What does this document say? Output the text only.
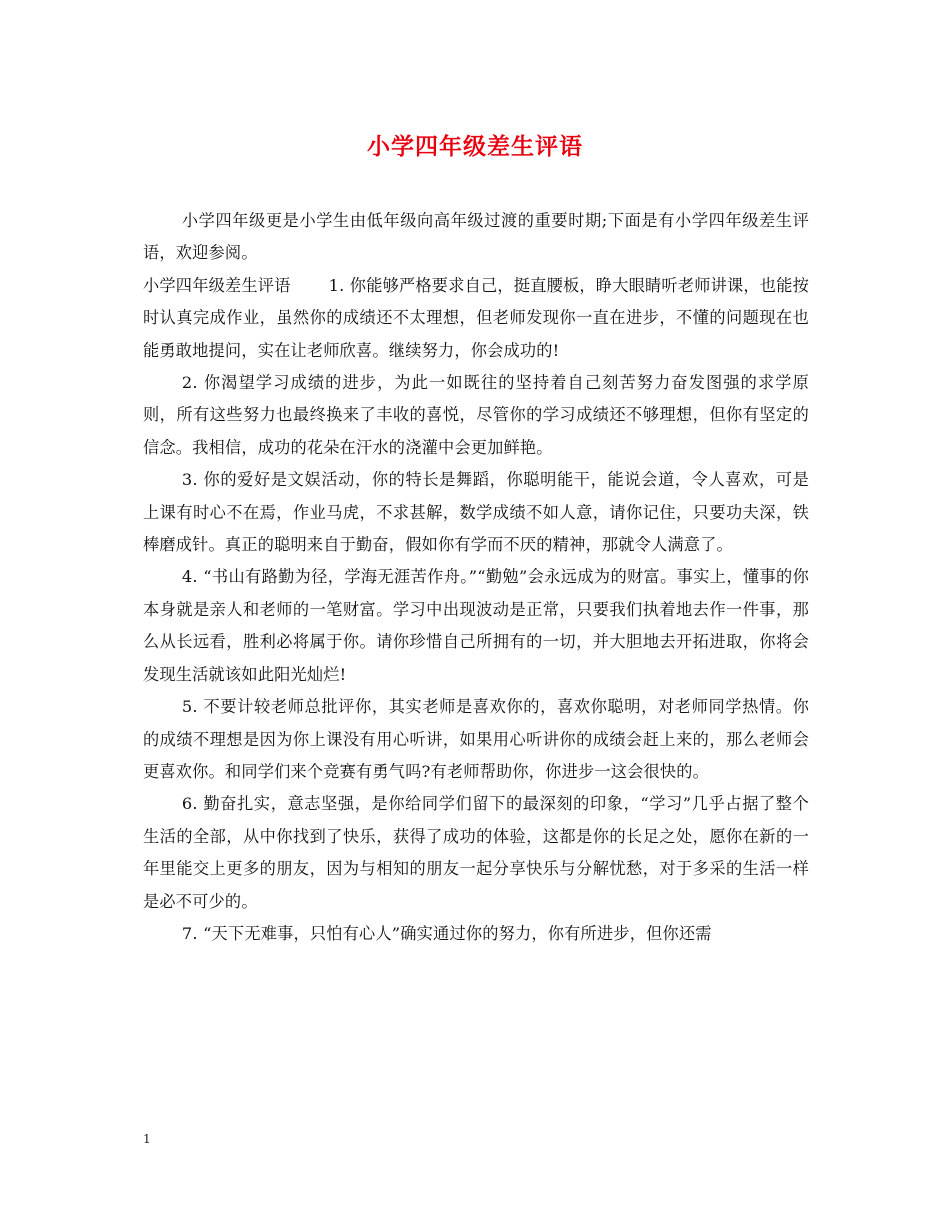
小学四年级差生评语

小学四年级更是小学生由低年级向高年级过渡的重要时期;下面是有小学四年级差生评语，欢迎参阅。

小学四年级差生评语 1. 你能够严格要求自己，挺直腰板，睁大眼睛听老师讲课，也能按时认真完成作业，虽然你的成绩还不太理想，但老师发现你一直在进步，不懂的问题现在也能勇敢地提问，实在让老师欣喜。继续努力，你会成功的!

2. 你渴望学习成绩的进步，为此一如既往的坚持着自己刻苦努力奋发图强的求学原则，所有这些努力也最终换来了丰收的喜悦，尽管你的学习成绩还不够理想，但你有坚定的信念。我相信，成功的花朵在汗水的浇灌中会更加鲜艳。

3. 你的爱好是文娱活动，你的特长是舞蹈，你聪明能干，能说会道，令人喜欢，可是上课有时心不在焉，作业马虎，不求甚解，数学成绩不如人意，请你记住，只要功夫深，铁棒磨成针。真正的聪明来自于勤奋，假如你有学而不厌的精神，那就令人满意了。

4. “书山有路勤为径，学海无涯苦作舟。”“勤勉”会永远成为的财富。事实上，懂事的你本身就是亲人和老师的一笔财富。学习中出现波动是正常，只要我们执着地去作一件事，那么从长远看，胜利必将属于你。请你珍惜自己所拥有的一切，并大胆地去开拓进取，你将会发现生活就该如此阳光灿烂!

5. 不要计较老师总批评你，其实老师是喜欢你的，喜欢你聪明，对老师同学热情。你的成绩不理想是因为你上课没有用心听讲，如果用心听讲你的成绩会赶上来的，那么老师会更喜欢你。和同学们来个竞赛有勇气吗?有老师帮助你，你进步一这会很快的。

6. 勤奋扎实，意志坚强，是你给同学们留下的最深刻的印象，“学习”几乎占据了整个生活的全部，从中你找到了快乐，获得了成功的体验，这都是你的长足之处，愿你在新的一年里能交上更多的朋友，因为与相知的朋友一起分享快乐与分解忧愁，对于多采的生活一样是必不可少的。

7. “天下无难事，只怕有心人”确实通过你的努力，你有所进步，但你还需

1
